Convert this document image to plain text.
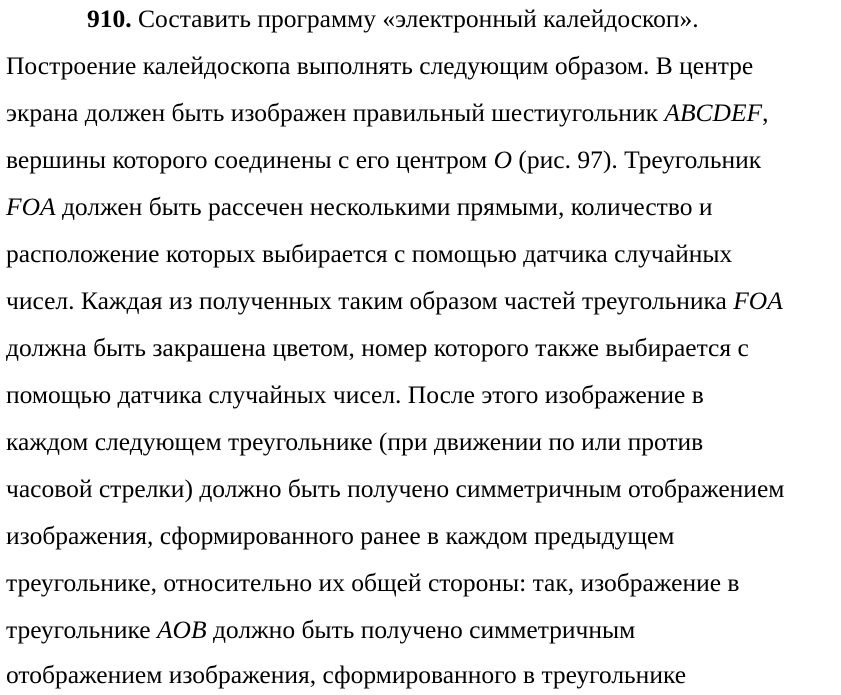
910. Составить программу «электронный калейдоскоп».
Построение калейдоскопа выполнять следующим образом. В центре
экрана должен быть изображен правильный шестиугольник ABCDEF,
вершины которого соединены с его центром O (рис. 97). Треугольник
FOA должен быть рассечен несколькими прямыми, количество и
расположение которых выбирается с помощью датчика случайных
чисел. Каждая из полученных таким образом частей треугольника FOA
должна быть закрашена цветом, номер которого также выбирается с
помощью датчика случайных чисел. После этого изображение в
каждом следующем треугольнике (при движении по или против
часовой стрелки) должно быть получено симметричным отображением
изображения, сформированного ранее в каждом предыдущем
треугольнике, относительно их общей стороны: так, изображение в
треугольнике AOB должно быть получено симметричным
отображением изображения, сформированного в треугольнике
